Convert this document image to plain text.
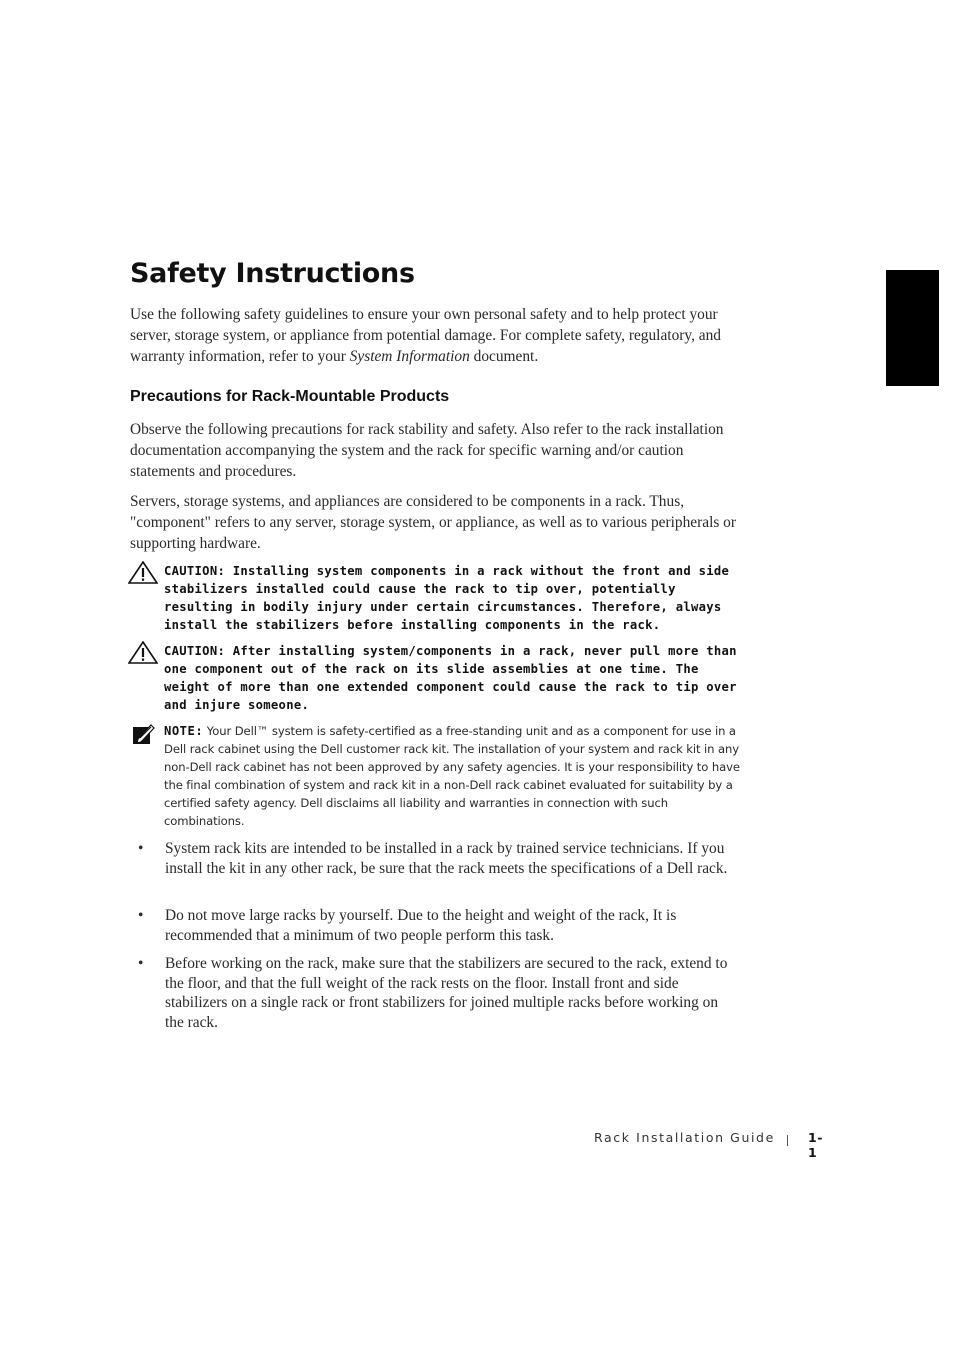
Safety Instructions

Use the following safety guidelines to ensure your own personal safety and to help protect your server, storage system, or appliance from potential damage. For complete safety, regulatory, and warranty information, refer to your System Information document.

Precautions for Rack-Mountable Products

Observe the following precautions for rack stability and safety. Also refer to the rack installation documentation accompanying the system and the rack for specific warning and/or caution statements and procedures.

Servers, storage systems, and appliances are considered to be components in a rack. Thus, "component" refers to any server, storage system, or appliance, as well as to various peripherals or supporting hardware.

CAUTION: Installing system components in a rack without the front and side stabilizers installed could cause the rack to tip over, potentially resulting in bodily injury under certain circumstances. Therefore, always install the stabilizers before installing components in the rack.

CAUTION: After installing system/components in a rack, never pull more than one component out of the rack on its slide assemblies at one time. The weight of more than one extended component could cause the rack to tip over and injure someone.

NOTE: Your Dell™ system is safety-certified as a free-standing unit and as a component for use in a Dell rack cabinet using the Dell customer rack kit. The installation of your system and rack kit in any non-Dell rack cabinet has not been approved by any safety agencies. It is your responsibility to have the final combination of system and rack kit in a non-Dell rack cabinet evaluated for suitability by a certified safety agency. Dell disclaims all liability and warranties in connection with such combinations.

• System rack kits are intended to be installed in a rack by trained service technicians. If you install the kit in any other rack, be sure that the rack meets the specifications of a Dell rack.

• Do not move large racks by yourself. Due to the height and weight of the rack, It is recommended that a minimum of two people perform this task.

• Before working on the rack, make sure that the stabilizers are secured to the rack, extend to the floor, and that the full weight of the rack rests on the floor. Install front and side stabilizers on a single rack or front stabilizers for joined multiple racks before working on the rack.

Rack Installation Guide	1-1
